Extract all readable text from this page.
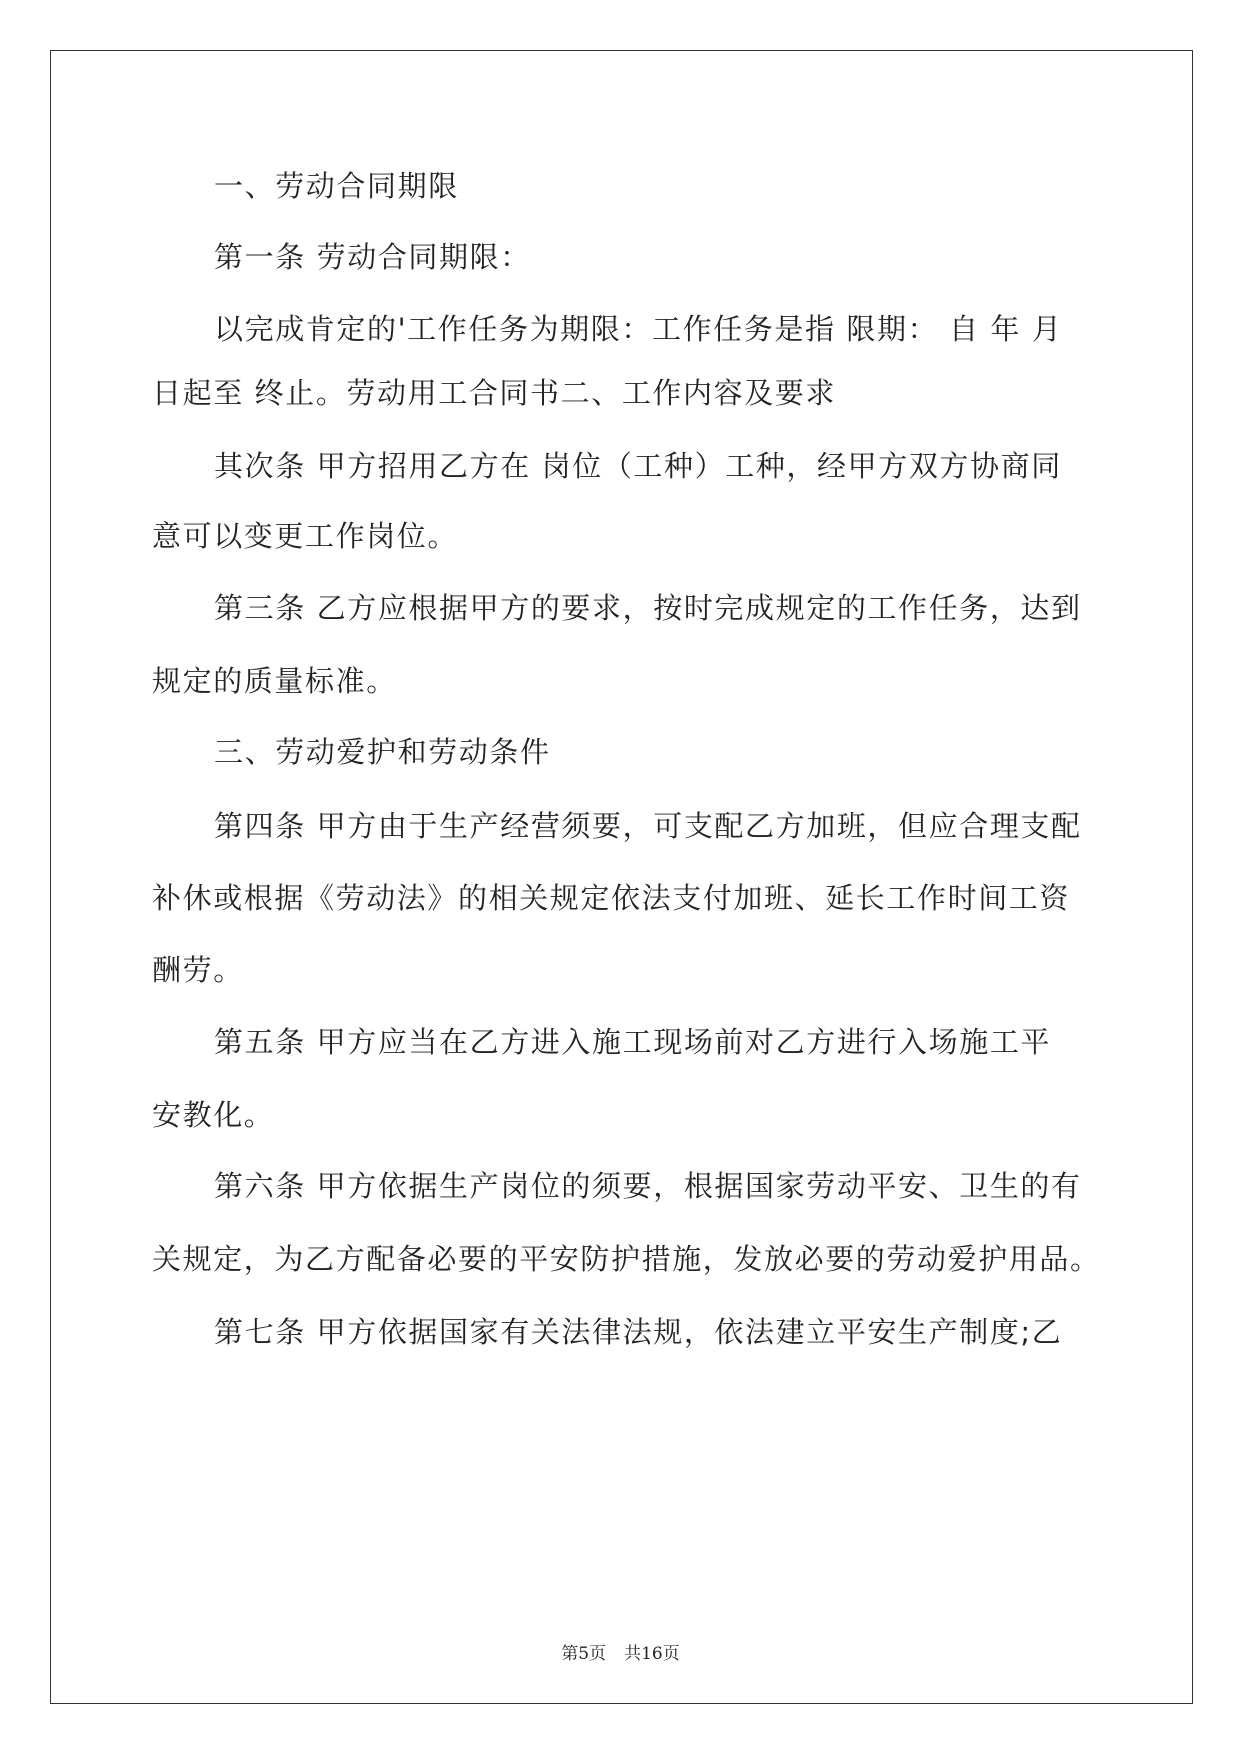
一、劳动合同期限
第一条 劳动合同期限：
以完成肯定的'工作任务为期限：工作任务是指 限期： 自 年 月
日起至 终止。劳动用工合同书二、工作内容及要求
其次条 甲方招用乙方在 岗位（工种）工种，经甲方双方协商同
意可以变更工作岗位。
第三条 乙方应根据甲方的要求，按时完成规定的工作任务，达到
规定的质量标准。
三、劳动爱护和劳动条件
第四条 甲方由于生产经营须要，可支配乙方加班，但应合理支配
补休或根据《劳动法》的相关规定依法支付加班、延长工作时间工资
酬劳。
第五条 甲方应当在乙方进入施工现场前对乙方进行入场施工平
安教化。
第六条 甲方依据生产岗位的须要，根据国家劳动平安、卫生的有
关规定，为乙方配备必要的平安防护措施，发放必要的劳动爱护用品。
第七条 甲方依据国家有关法律法规，依法建立平安生产制度;乙
第5页 共16页
